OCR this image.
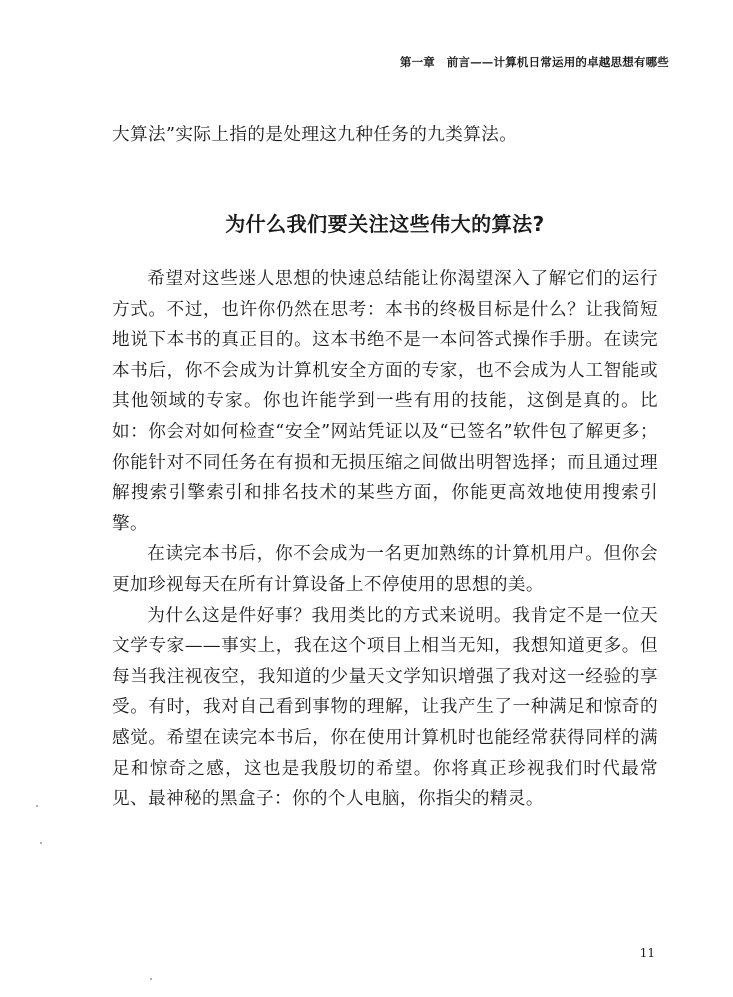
第一章　前言——计算机日常运用的卓越思想有哪些
大算法”实际上指的是处理这九种任务的九类算法。
为什么我们要关注这些伟大的算法?

希望对这些迷人思想的快速总结能让你渴望深入了解它们的运行方式。不过，也许你仍然在思考：本书的终极目标是什么？让我简短地说下本书的真正目的。这本书绝不是一本问答式操作手册。在读完本书后，你不会成为计算机安全方面的专家，也不会成为人工智能或其他领域的专家。你也许能学到一些有用的技能，这倒是真的。比如：你会对如何检查“安全”网站凭证以及“已签名”软件包了解更多；你能针对不同任务在有损和无损压缩之间做出明智选择；而且通过理解搜索引擎索引和排名技术的某些方面，你能更高效地使用搜索引擎。

在读完本书后，你不会成为一名更加熟练的计算机用户。但你会更加珍视每天在所有计算设备上不停使用的思想的美。

为什么这是件好事？我用类比的方式来说明。我肯定不是一位天文学专家——事实上，我在这个项目上相当无知，我想知道更多。但每当我注视夜空，我知道的少量天文学知识增强了我对这一经验的享受。有时，我对自己看到事物的理解，让我产生了一种满足和惊奇的感觉。希望在读完本书后，你在使用计算机时也能经常获得同样的满足和惊奇之感，这也是我殷切的希望。你将真正珍视我们时代最常见、最神秘的黑盒子：你的个人电脑，你指尖的精灵。

11
